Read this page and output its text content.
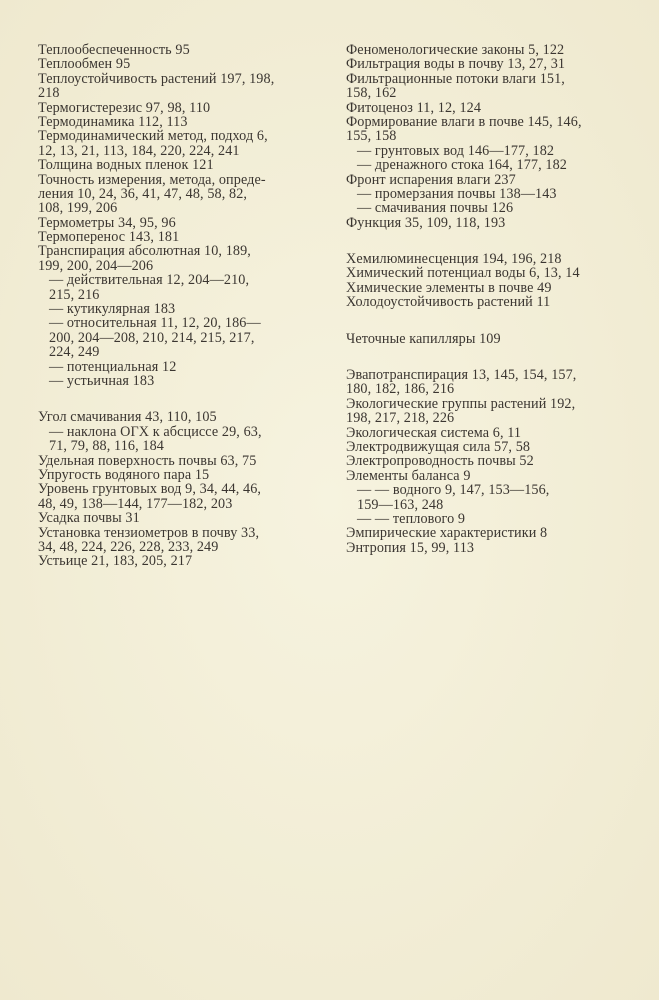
Теплообеспеченность 95
Теплообмен 95
Теплоустойчивость растений 197, 198,
218
Термогистерезис 97, 98, 110
Термодинамика 112, 113
Термодинамический метод, подход 6,
12, 13, 21, 113, 184, 220, 224, 241
Толщина водных пленок 121
Точность измерения, метода, опреде-
ления 10, 24, 36, 41, 47, 48, 58, 82,
108, 199, 206
Термометры 34, 95, 96
Термоперенос 143, 181
Транспирация абсолютная 10, 189,
199, 200, 204—206
— действительная 12, 204—210,
215, 216
— кутикулярная 183
— относительная 11, 12, 20, 186—
200, 204—208, 210, 214, 215, 217,
224, 249
— потенциальная 12
— устьичная 183
Угол смачивания 43, 110, 105
— наклона ОГХ к абсциссе 29, 63,
71, 79, 88, 116, 184
Удельная поверхность почвы 63, 75
Упругость водяного пара 15
Уровень грунтовых вод 9, 34, 44, 46,
48, 49, 138—144, 177—182, 203
Усадка почвы 31
Установка тензиометров в почву 33,
34, 48, 224, 226, 228, 233, 249
Устьице 21, 183, 205, 217
Феноменологические законы 5, 122
Фильтрация воды в почву 13, 27, 31
Фильтрационные потоки влаги 151,
158, 162
Фитоценоз 11, 12, 124
Формирование влаги в почве 145, 146,
155, 158
— грунтовых вод 146—177, 182
— дренажного стока 164, 177, 182
Фронт испарения влаги 237
— промерзания почвы 138—143
— смачивания почвы 126
Функция 35, 109, 118, 193
Хемилюминесценция 194, 196, 218
Химический потенциал воды 6, 13, 14
Химические элементы в почве 49
Холодоустойчивость растений 11
Четочные капилляры 109
Эвапотранспирация 13, 145, 154, 157,
180, 182, 186, 216
Экологические группы растений 192,
198, 217, 218, 226
Экологическая система 6, 11
Электродвижущая сила 57, 58
Электропроводность почвы 52
Элементы баланса 9
— — водного 9, 147, 153—156,
159—163, 248
— — теплового 9
Эмпирические характеристики 8
Энтропия 15, 99, 113
